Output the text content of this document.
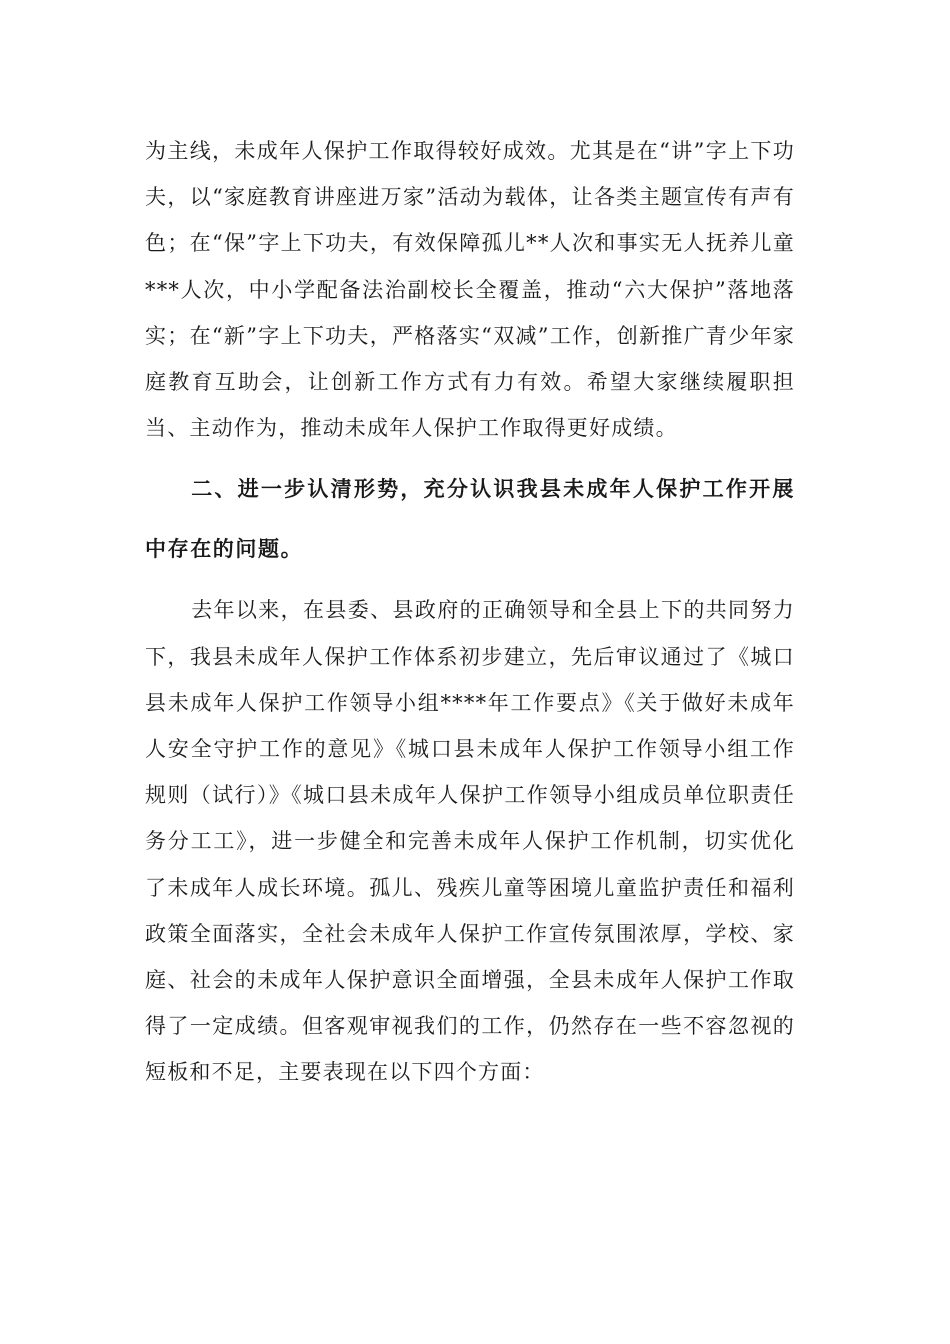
为主线，未成年人保护工作取得较好成效。尤其是在“讲”字上下功夫，以“家庭教育讲座进万家”活动为载体，让各类主题宣传有声有色；在“保”字上下功夫，有效保障孤儿**人次和事实无人抚养儿童***人次，中小学配备法治副校长全覆盖，推动“六大保护”落地落实；在“新”字上下功夫，严格落实“双减”工作，创新推广青少年家庭教育互助会，让创新工作方式有力有效。希望大家继续履职担当、主动作为，推动未成年人保护工作取得更好成绩。

二、进一步认清形势，充分认识我县未成年人保护工作开展中存在的问题。

去年以来，在县委、县政府的正确领导和全县上下的共同努力下，我县未成年人保护工作体系初步建立，先后审议通过了《城口县未成年人保护工作领导小组****年工作要点》《关于做好未成年人安全守护工作的意见》《城口县未成年人保护工作领导小组工作规则（试行）》《城口县未成年人保护工作领导小组成员单位职责任务分工工》，进一步健全和完善未成年人保护工作机制，切实优化了未成年人成长环境。孤儿、残疾儿童等困境儿童监护责任和福利政策全面落实，全社会未成年人保护工作宣传氛围浓厚，学校、家庭、社会的未成年人保护意识全面增强，全县未成年人保护工作取得了一定成绩。但客观审视我们的工作，仍然存在一些不容忽视的短板和不足，主要表现在以下四个方面：
